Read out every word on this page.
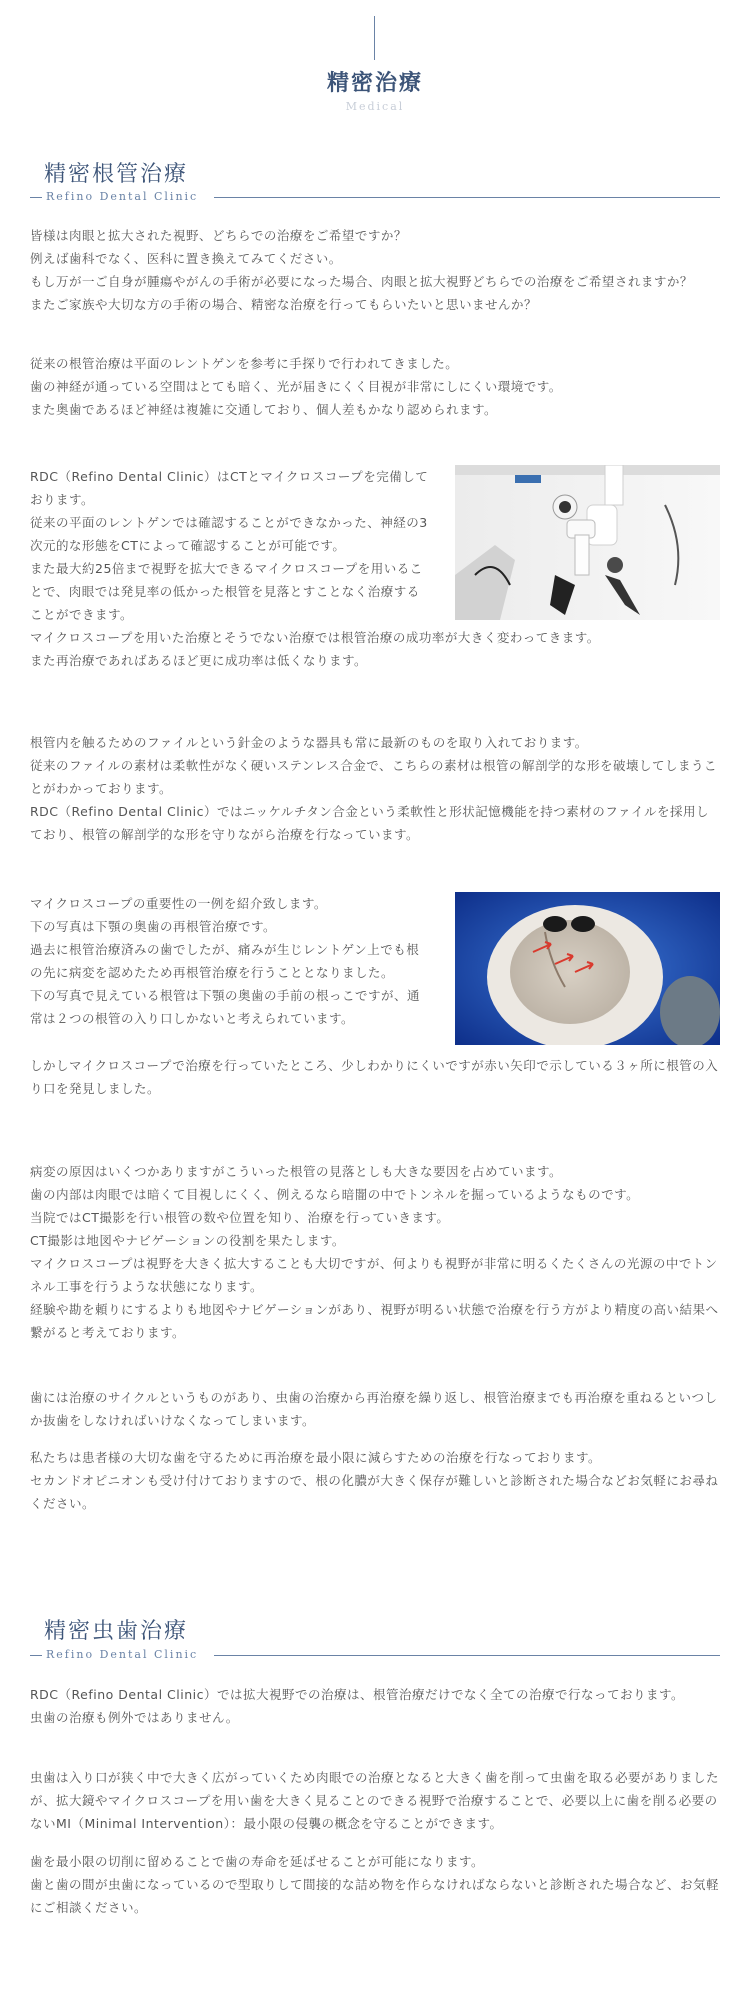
精密治療
Medical
精密根管治療
Refino Dental Clinic

皆様は肉眼と拡大された視野、どちらでの治療をご希望ですか？

例えば歯科でなく、医科に置き換えてみてください。

もし万が一ご自身が腫瘍やがんの手術が必要になった場合、肉眼と拡大視野どちらでの治療をご希望されますか？

またご家族や大切な方の手術の場合、精密な治療を行ってもらいたいと思いませんか？

従来の根管治療は平面のレントゲンを参考に手探りで行われてきました。

歯の神経が通っている空間はとても暗く、光が届きにくく目視が非常にしにくい環境です。

また奥歯であるほど神経は複雑に交通しており、個人差もかなり認められます。

RDC（Refino Dental Clinic）はCTとマイクロスコープを完備しております。

従来の平面のレントゲンでは確認することができなかった、神経の3次元的な形態をCTによって確認することが可能です。

また最大約25倍まで視野を拡大できるマイクロスコープを用いることで、肉眼では発見率の低かった根管を見落とすことなく治療することができます。

マイクロスコープを用いた治療とそうでない治療では根管治療の成功率が大きく変わってきます。

また再治療であればあるほど更に成功率は低くなります。

根管内を触るためのファイルという針金のような器具も常に最新のものを取り入れております。

従来のファイルの素材は柔軟性がなく硬いステンレス合金で、こちらの素材は根管の解剖学的な形を破壊してしまうことがわかっております。

RDC（Refino Dental Clinic）ではニッケルチタン合金という柔軟性と形状記憶機能を持つ素材のファイルを採用しており、根管の解剖学的な形を守りながら治療を行なっています。

マイクロスコープの重要性の一例を紹介致します。

下の写真は下顎の奥歯の再根管治療です。

過去に根管治療済みの歯でしたが、痛みが生じレントゲン上でも根の先に病変を認めたため再根管治療を行うこととなりました。

下の写真で見えている根管は下顎の奥歯の手前の根っこですが、通常は２つの根管の入り口しかないと考えられています。

しかしマイクロスコープで治療を行っていたところ、少しわかりにくいですが赤い矢印で示している３ヶ所に根管の入り口を発見しました。

病変の原因はいくつかありますがこういった根管の見落としも大きな要因を占めています。

歯の内部は肉眼では暗くて目視しにくく、例えるなら暗闇の中でトンネルを掘っているようなものです。

当院ではCT撮影を行い根管の数や位置を知り、治療を行っていきます。

CT撮影は地図やナビゲーションの役割を果たします。

マイクロスコープは視野を大きく拡大することも大切ですが、何よりも視野が非常に明るくたくさんの光源の中でトンネル工事を行うような状態になります。

経験や勘を頼りにするよりも地図やナビゲーションがあり、視野が明るい状態で治療を行う方がより精度の高い結果へ繋がると考えております。

歯には治療のサイクルというものがあり、虫歯の治療から再治療を繰り返し、根管治療までも再治療を重ねるといつしか抜歯をしなければいけなくなってしまいます。

私たちは患者様の大切な歯を守るために再治療を最小限に減らすための治療を行なっております。

セカンドオピニオンも受け付けておりますので、根の化膿が大きく保存が難しいと診断された場合などお気軽にお尋ねください。

精密虫歯治療
Refino Dental Clinic

RDC（Refino Dental Clinic）では拡大視野での治療は、根管治療だけでなく全ての治療で行なっております。

虫歯の治療も例外ではありません。

虫歯は入り口が狭く中で大きく広がっていくため肉眼での治療となると大きく歯を削って虫歯を取る必要がありましたが、拡大鏡やマイクロスコープを用い歯を大きく見ることのできる視野で治療することで、必要以上に歯を削る必要のないMI（Minimal Intervention）：最小限の侵襲の概念を守ることができます。

歯を最小限の切削に留めることで歯の寿命を延ばせることが可能になります。

歯と歯の間が虫歯になっているので型取りして間接的な詰め物を作らなければならないと診断された場合など、お気軽にご相談ください。
